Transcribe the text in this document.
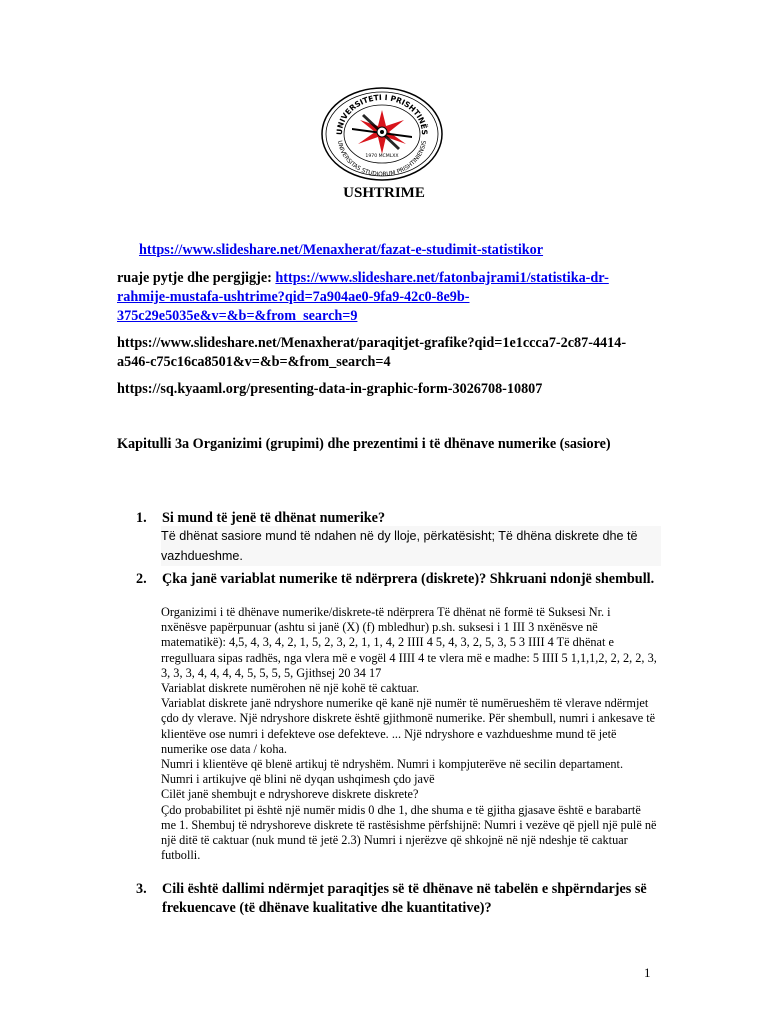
UNIVERSITETI I PRISHTINËS
UNIVERSITAS STUDIORUM PRISHTINIENSIS
1970 MCMLXX
USHTRIME
https://www.slideshare.net/Menaxherat/fazat-e-studimit-statistikor
ruaje pytje dhe pergjigje: https://www.slideshare.net/fatonbajrami1/statistika-dr-rahmije-mustafa-ushtrime?qid=7a904ae0-9fa9-42c0-8e9b-375c29e5035e&v=&b=&from_search=9
https://www.slideshare.net/Menaxherat/paraqitjet-grafike?qid=1e1ccca7-2c87-4414-a546-c75c16ca8501&v=&b=&from_search=4
https://sq.kyaaml.org/presenting-data-in-graphic-form-3026708-10807
Kapitulli 3a Organizimi (grupimi) dhe prezentimi i të dhënave numerike (sasiore)
1. Si mund të jenë të dhënat numerike?
Të dhënat sasiore mund të ndahen në dy lloje, përkatësisht; Të dhëna diskrete dhe të vazhdueshme.
2. Çka janë variablat numerike të ndërprera (diskrete)? Shkruani ndonjë shembull.

Organizimi i të dhënave numerike/diskrete-të ndërprera Të dhënat në formë të Suksesi Nr. i nxënësve papërpunuar (ashtu si janë (X) (f) mbledhur) p.sh. suksesi i 1 III 3 nxënësve në matematikë): 4,5, 4, 3, 4, 2, 1, 5, 2, 3, 2, 1, 1, 4, 2 IIII 4 5, 4, 3, 2, 5, 3, 5 3 IIII 4 Të dhënat e rregulluara sipas radhës, nga vlera më e vogël 4 IIII 4 te vlera më e madhe: 5 IIII 5 1,1,1,2, 2, 2, 2, 3, 3, 3, 3, 4, 4, 4, 4, 5, 5, 5, 5, Gjithsej 20 34 17

Variablat diskrete numërohen në një kohë të caktuar.

Variablat diskrete janë ndryshore numerike që kanë një numër të numërueshëm të vlerave ndërmjet çdo dy vlerave. Një ndryshore diskrete është gjithmonë numerike. Për shembull, numri i ankesave të klientëve ose numri i defekteve ose defekteve. ... Një ndryshore e vazhdueshme mund të jetë numerike ose data / koha.

Numri i klientëve që blenë artikuj të ndryshëm. Numri i kompjuterëve në secilin departament.

Numri i artikujve që blini në dyqan ushqimesh çdo javë

Cilët janë shembujt e ndryshoreve diskrete diskrete?

Çdo probabilitet pi është një numër midis 0 dhe 1, dhe shuma e të gjitha gjasave është e barabartë me 1. Shembuj të ndryshoreve diskrete të rastësishme përfshijnë: Numri i vezëve që pjell një pulë në një ditë të caktuar (nuk mund të jetë 2.3) Numri i njerëzve që shkojnë në një ndeshje të caktuar futbolli.

3. Cili është dallimi ndërmjet paraqitjes së të dhënave në tabelën e shpërndarjes së frekuencave (të dhënave kualitative dhe kuantitative)?
1
